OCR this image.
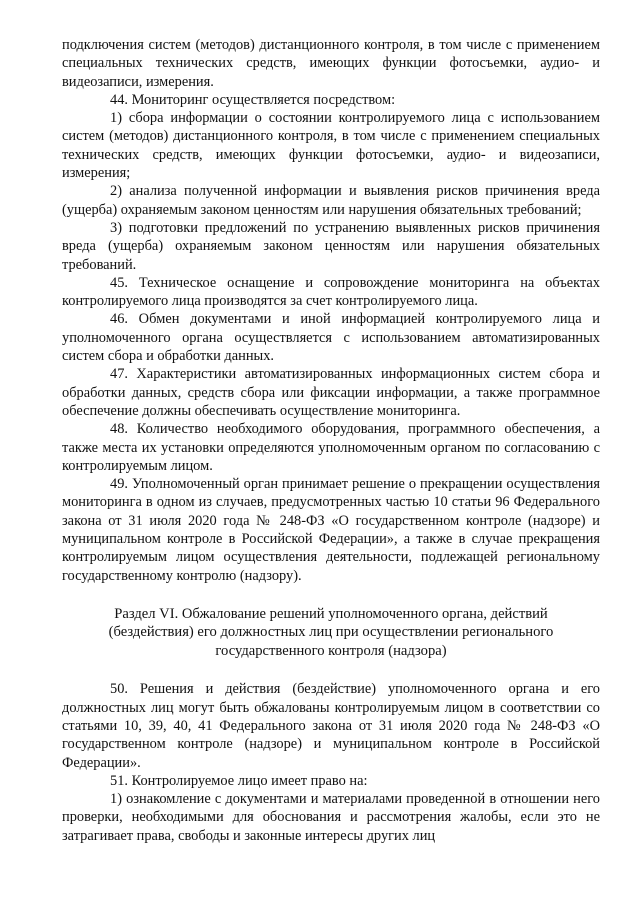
подключения систем (методов) дистанционного контроля, в том числе с применением специальных технических средств, имеющих функции фотосъемки, аудио- и видеозаписи, измерения.

44. Мониторинг осуществляется посредством:

1) сбора информации о состоянии контролируемого лица с использованием систем (методов) дистанционного контроля, в том числе с применением специальных технических средств, имеющих функции фотосъемки, аудио- и видеозаписи, измерения;

2) анализа полученной информации и выявления рисков причинения вреда (ущерба) охраняемым законом ценностям или нарушения обязательных требований;

3) подготовки предложений по устранению выявленных рисков причинения вреда (ущерба) охраняемым законом ценностям или нарушения обязательных требований.

45. Техническое оснащение и сопровождение мониторинга на объектах контролируемого лица производятся за счет контролируемого лица.

46. Обмен документами и иной информацией контролируемого лица и уполномоченного органа осуществляется с использованием автоматизированных систем сбора и обработки данных.

47. Характеристики автоматизированных информационных систем сбора и обработки данных, средств сбора или фиксации информации, а также программное обеспечение должны обеспечивать осуществление мониторинга.

48. Количество необходимого оборудования, программного обеспечения, а также места их установки определяются уполномоченным органом по согласованию с контролируемым лицом.

49. Уполномоченный орган принимает решение о прекращении осуществления мониторинга в одном из случаев, предусмотренных частью 10 статьи 96 Федерального закона от 31 июля 2020 года № 248-ФЗ «О государственном контроле (надзоре) и муниципальном контроле в Российской Федерации», а также в случае прекращения контролируемым лицом осуществления деятельности, подлежащей региональному государственному контролю (надзору).

Раздел VI. Обжалование решений уполномоченного органа, действий
(бездействия) его должностных лиц при осуществлении регионального
государственного контроля (надзора)

50. Решения и действия (бездействие) уполномоченного органа и его должностных лиц могут быть обжалованы контролируемым лицом в соответствии со статьями 10, 39, 40, 41 Федерального закона от 31 июля 2020 года № 248-ФЗ «О государственном контроле (надзоре) и муниципальном контроле в Российской Федерации».

51. Контролируемое лицо имеет право на:

1) ознакомление с документами и материалами проведенной в отношении него проверки, необходимыми для обоснования и рассмотрения жалобы, если это не затрагивает права, свободы и законные интересы других лиц
